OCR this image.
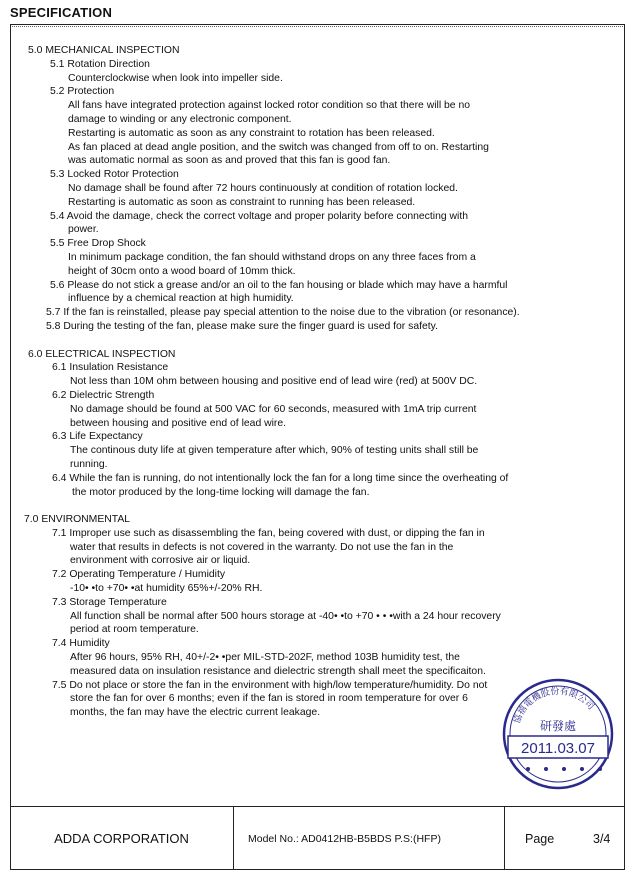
SPECIFICATION
5.0 MECHANICAL INSPECTION
5.1 Rotation Direction
Counterclockwise when look into impeller side.
5.2 Protection
All fans have integrated protection against locked rotor condition so that there will be no
damage to winding or any electronic component.
Restarting is automatic as soon as any constraint to rotation has been released.
As fan placed at dead angle position, and the switch was changed from off to on. Restarting
was automatic normal as soon as and proved that this fan is good fan.
5.3 Locked Rotor Protection
No damage shall be found after 72 hours continuously at condition of rotation locked.
Restarting is automatic as soon as constraint to running has been released.
5.4 Avoid the damage, check the correct voltage and proper polarity before connecting with
power.
5.5 Free Drop Shock
In minimum package condition, the fan should withstand drops on any three faces from a
height of 30cm onto a wood board of 10mm thick.
5.6 Please do not stick a grease and/or an oil to the fan housing or blade which may have a harmful
influence by a chemical reaction at high humidity.
5.7 If the fan is reinstalled, please pay special attention to the noise due to the vibration (or resonance).
5.8 During the testing of the fan, please make sure the finger guard is used for safety.
6.0 ELECTRICAL INSPECTION
6.1 Insulation Resistance
Not less than 10M ohm between housing and positive end of lead wire (red) at 500V DC.
6.2 Dielectric Strength
No damage should be found at 500 VAC for 60 seconds, measured with 1mA trip current
between housing and positive end of lead wire.
6.3 Life Expectancy
The continous duty life at given temperature after which, 90% of testing units shall still be
running.
6.4 While the fan is running, do not intentionally lock the fan for a long time since the overheating of
the motor produced by the long-time locking will damage the fan.
7.0 ENVIRONMENTAL
7.1 Improper use such as disassembling the fan, being covered with dust, or dipping the fan in
water that results in defects is not covered in the warranty. Do not use the fan in the
environment with corrosive air or liquid.
7.2 Operating Temperature / Humidity
-10• •to +70• •at humidity 65%+/-20% RH.
7.3 Storage Temperature
All function shall be normal after 500 hours storage at -40• •to +70 • • •with a 24 hour recovery
period at room temperature.
7.4 Humidity
After 96 hours, 95% RH, 40+/-2• •per MIL-STD-202F, method 103B humidity test, the
measured data on insulation resistance and dielectric strength shall meet the specificaiton.
7.5 Do not place or store the fan in the environment with high/low temperature/humidity. Do not
store the fan for over 6 months; even if the fan is stored in room temperature for over 6
months, the fan may have the electric current leakage.
協禧電機股份有限公司
研發處
2011.03.07
ADDA CORPORATION	Model No.: AD0412HB-B5BDS P.S:(HFP)	Page	3/4
